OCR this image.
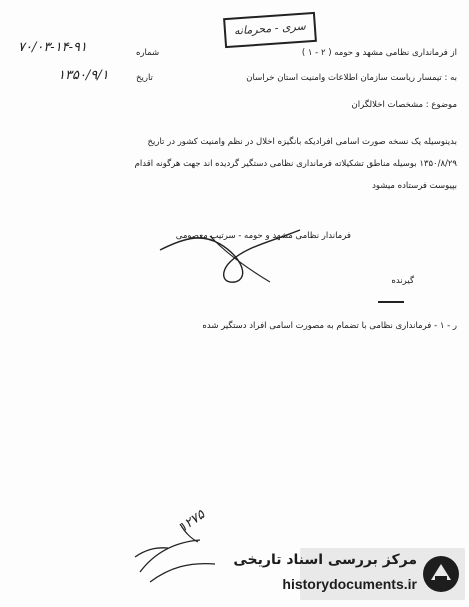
سری - محرمانه
از فرمانداری نظامی مشهد و حومه ( ۲ - ۱ )
به : تیمسار ریاست سازمان اطلاعات وامنیت استان خراسان
شماره
۷۰/۰۳-۱۴-۹۱
تاریخ
۱۳۵۰/۹/۱
موضوع : مشخصات اخلالگران
بدینوسیله یک نسخه صورت اسامی افرادیکه بانگیزه اخلال در نظم وامنیت کشور در تاریخ
۱۳۵۰/۸/۲۹ بوسیله مناطق تشکیلاته فرمانداری نظامی دستگیر گردیده اند جهت هرگونه اقدام
بپیوست فرستاده میشود
فرماندار نظامی مشهد و حومه - سرتیپ معصومی
گیرنده
ر - ۱ - فرمانداری نظامی با تضمام به مصورت اسامی افراد دستگیر شده
۱۲۷۵
مرکز بررسی اسناد تاریخی
historydocuments.ir
